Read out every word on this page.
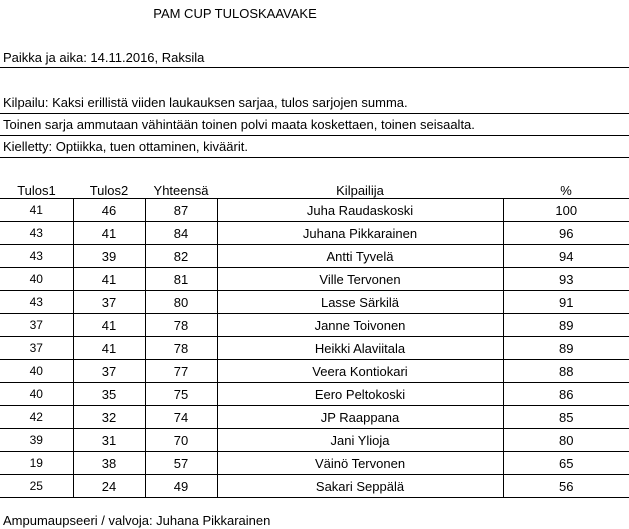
PAM CUP TULOSKAAVAKE
Paikka ja aika: 14.11.2016, Raksila
Kilpailu: Kaksi erillistä viiden laukauksen sarjaa, tulos sarjojen summa.
Toinen sarja ammutaan vähintään toinen polvi maata koskettaen, toinen seisaalta.
Kielletty: Optiikka, tuen ottaminen, kiväärit.
Tulos1	Tulos2	Yhteensä	Kilpailija	%
41	46	87	Juha Raudaskoski	100
43	41	84	Juhana Pikkarainen	96
43	39	82	Antti Tyvelä	94
40	41	81	Ville Tervonen	93
43	37	80	Lasse Särkilä	91
37	41	78	Janne Toivonen	89
37	41	78	Heikki Alaviitala	89
40	37	77	Veera Kontiokari	88
40	35	75	Eero Peltokoski	86
42	32	74	JP Raappana	85
39	31	70	Jani Ylioja	80
19	38	57	Väinö Tervonen	65
25	24	49	Sakari Seppälä	56
Ampumaupseeri / valvoja: Juhana Pikkarainen
